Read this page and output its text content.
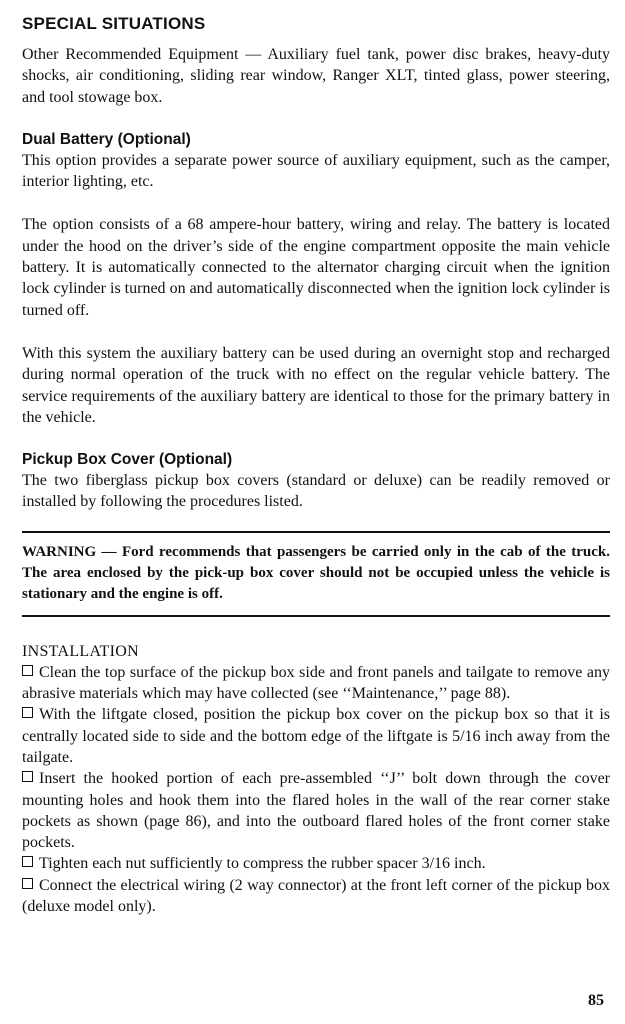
SPECIAL SITUATIONS

Other Recommended Equipment — Auxiliary fuel tank, power disc brakes, heavy-duty shocks, air conditioning, sliding rear window, Ranger XLT, tinted glass, power steering, and tool stowage box.

Dual Battery (Optional)

This option provides a separate power source of auxiliary equipment, such as the camper, interior lighting, etc.

The option consists of a 68 ampere-hour battery, wiring and relay. The battery is located under the hood on the driver’s side of the engine compartment opposite the main vehicle battery. It is automatically connected to the alternator charging circuit when the ignition lock cylinder is turned on and automatically disconnected when the ignition lock cylinder is turned off.

With this system the auxiliary battery can be used during an overnight stop and recharged during normal operation of the truck with no effect on the regular vehicle battery. The service requirements of the auxiliary battery are identical to those for the primary battery in the vehicle.

Pickup Box Cover (Optional)

The two fiberglass pickup box covers (standard or deluxe) can be readily removed or installed by following the procedures listed.

WARNING — Ford recommends that passengers be carried only in the cab of the truck. The area enclosed by the pick-up box cover should not be occupied unless the vehicle is stationary and the engine is off.

INSTALLATION
Clean the top surface of the pickup box side and front panels and tailgate to remove any abrasive materials which may have collected (see ‘‘Maintenance,’’ page 88).
With the liftgate closed, position the pickup box cover on the pickup box so that it is centrally located side to side and the bottom edge of the liftgate is 5/16 inch away from the tailgate.
Insert the hooked portion of each pre-assembled ‘‘J’’ bolt down through the cover mounting holes and hook them into the flared holes in the wall of the rear corner stake pockets as shown (page 86), and into the outboard flared holes of the front corner stake pockets.
Tighten each nut sufficiently to compress the rubber spacer 3/16 inch.
Connect the electrical wiring (2 way connector) at the front left corner of the pickup box (deluxe model only).
85
